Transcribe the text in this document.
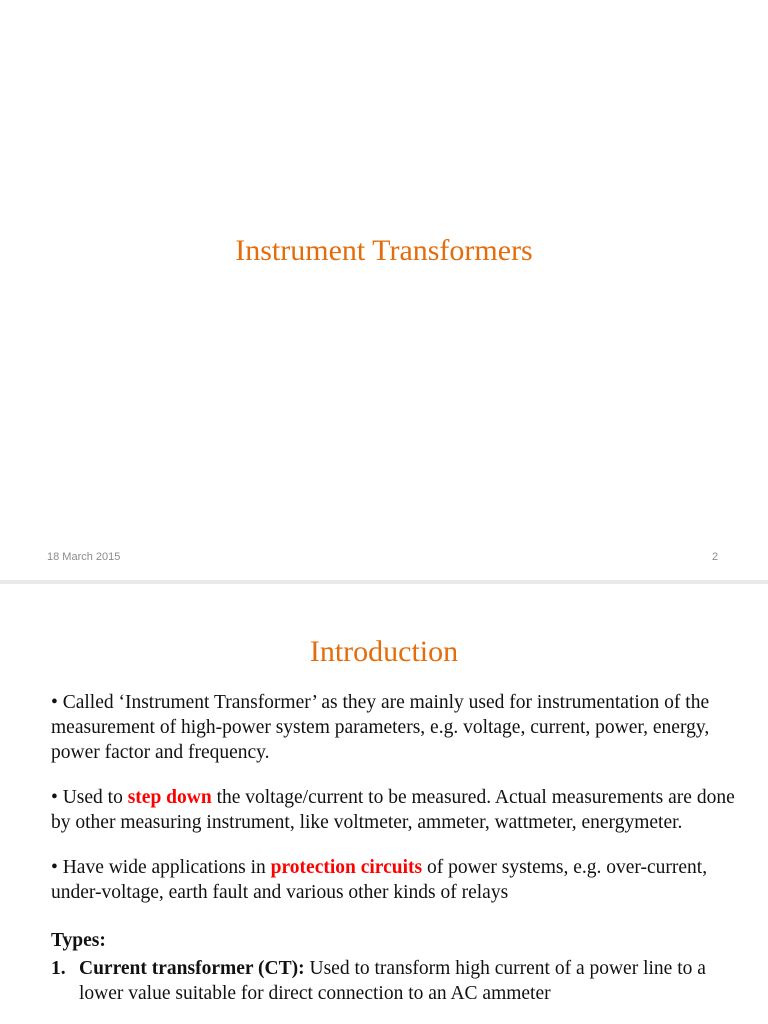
Instrument Transformers
18 March 2015	2
Introduction

• Called ‘Instrument Transformer’ as they are mainly used for instrumentation of the measurement of high-power system parameters, e.g. voltage, current, power, energy, power factor and frequency.

• Used to step down the voltage/current to be measured. Actual measurements are done by other measuring instrument, like voltmeter, ammeter, wattmeter, energymeter.

• Have wide applications in protection circuits of power systems, e.g. over-current, under-voltage, earth fault and various other kinds of relays

Types:

1. Current transformer (CT): Used to transform high current of a power line to a lower value suitable for direct connection to an AC ammeter
